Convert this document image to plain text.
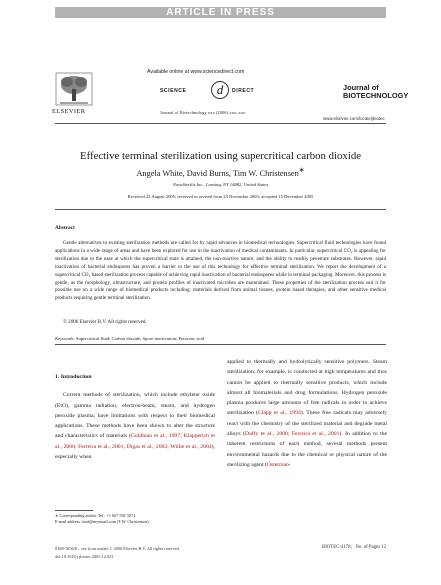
ARTICLE IN PRESS
ELSEVIER
Available online at www.sciencedirect.com
SCIENCE	d	DIRECT
Journal of Biotechnology xxx (2006) xxx–xxx
Journal of
BIOTECHNOLOGY
www.elsevier.com/locate/jbiotec
Effective terminal sterilization using supercritical carbon dioxide
Angela White, David Burns, Tim W. Christensen∗
NovaSterilis Inc., Lansing, NY 14882, United States
Received 22 August 2005; received in revised form 23 November 2005; accepted 15 December 2005
Abstract
Gentle alternatives to existing sterilization methods are called for by rapid advances in biomedical technologies. Supercritical fluid technologies have found applications in a wide range of areas and have been explored for use in the inactivation of medical contaminants. In particular, supercritical CO₂ is appealing for sterilization due to the ease at which the supercritical state is attained, the non-reactive nature, and the ability to readily penetrate substrates. However, rapid inactivation of bacterial endospores has proven a barrier to the use of this technology for effective terminal sterilization. We report the development of a supercritical CO₂ based sterilization process capable of achieving rapid inactivation of bacterial endospores while in terminal packaging. Moreover, this process is gentle, as the morphology, ultrastructure, and protein profiles of inactivated microbes are maintained. These properties of the sterilization process suit it for possible use on a wide range of biomedical products including: materials derived from animal tissues, protein based therapies, and other sensitive medical products requiring gentle terminal sterilization.
© 2006 Elsevier B.V. All rights reserved.
Keywords: Supercritical fluid; Carbon dioxide; Spore inactivation; Peracetic acid
1. Introduction
Current methods of sterilization, which include ethylene oxide (EtO), gamma radiation, electron-beam, steam, and hydrogen peroxide plasma, have limitations with respect to their biomedical applications. These methods have been shown to alter the structure and characteristics of materials (Goldman et al., 1997; Klapperich et al., 2000; Ferreira et al., 2001; Digas et al., 2003; Willie et al., 2004), especially when
applied to thermally and hydrolytically sensitive polymers. Steam sterilization, for example, is conducted at high temperatures and thus cannot be applied to thermally sensitive products, which include almost all biomaterials and drug formulations. Hydrogen peroxide plasma produces large amounts of free radicals in order to achieve sterilization (Clapp et al., 1994). These free radicals may adversely react with the chemistry of the sterilized material and degrade metal alloys (Duffy et al., 2000; Ferreira et al., 2001). In addition to the inherent restrictions of each method, several methods present environmental hazards due to the chemical or physical nature of the sterilizing agent (Osterman-
∗ Corresponding author. Tel.: +1 607 592 3074.
E-mail address: timf@myemail.com (T.W. Christensen).
0168-1656/$ – see front matter © 2006 Elsevier B.V. All rights reserved.
doi:10.1016/j.jbiotec.2005.12.033
BIOTEC-4178; No. of Pages 12
